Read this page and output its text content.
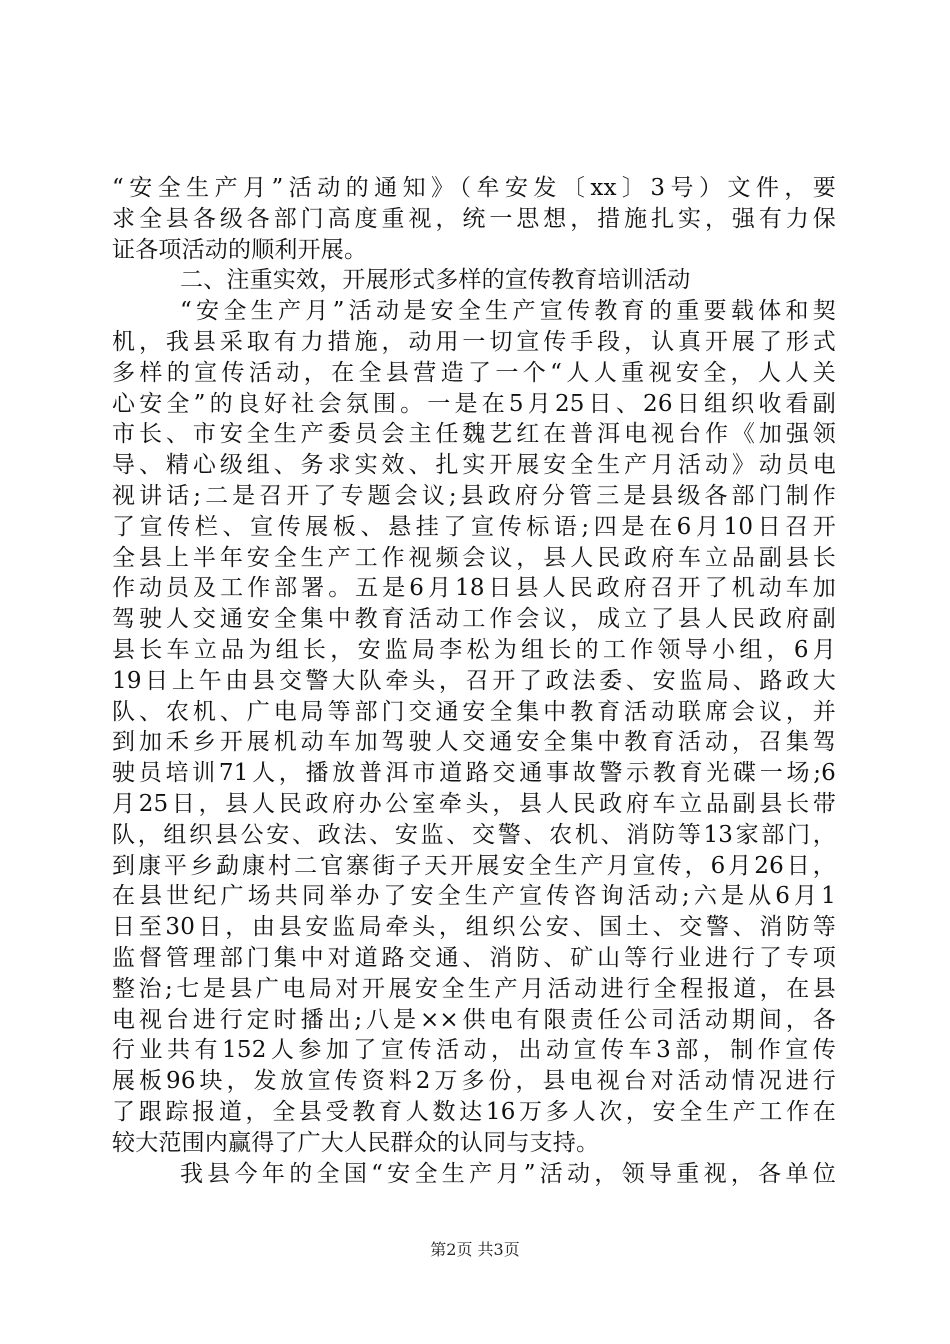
“安全生产月”活动的通知》（牟安发〔xx〕3号）文件，要
求全县各级各部门高度重视，统一思想，措施扎实，强有力保
证各项活动的顺利开展。
二、注重实效，开展形式多样的宣传教育培训活动
“安全生产月”活动是安全生产宣传教育的重要载体和契
机，我县采取有力措施，动用一切宣传手段，认真开展了形式
多样的宣传活动，在全县营造了一个“人人重视安全，人人关
心安全”的良好社会氛围。一是在5月25日、26日组织收看副
市长、市安全生产委员会主任魏艺红在普洱电视台作《加强领
导、精心级组、务求实效、扎实开展安全生产月活动》动员电
视讲话;二是召开了专题会议;县政府分管三是县级各部门制作
了宣传栏、宣传展板、悬挂了宣传标语;四是在6月10日召开
全县上半年安全生产工作视频会议，县人民政府车立品副县长
作动员及工作部署。五是6月18日县人民政府召开了机动车加
驾驶人交通安全集中教育活动工作会议，成立了县人民政府副
县长车立品为组长，安监局李松为组长的工作领导小组，6月
19日上午由县交警大队牵头，召开了政法委、安监局、路政大
队、农机、广电局等部门交通安全集中教育活动联席会议，并
到加禾乡开展机动车加驾驶人交通安全集中教育活动，召集驾
驶员培训71人，播放普洱市道路交通事故警示教育光碟一场;6
月25日，县人民政府办公室牵头，县人民政府车立品副县长带
队，组织县公安、政法、安监、交警、农机、消防等13家部门，
到康平乡勐康村二官寨街子天开展安全生产月宣传，6月26日，
在县世纪广场共同举办了安全生产宣传咨询活动;六是从6月1
日至30日，由县安监局牵头，组织公安、国土、交警、消防等
监督管理部门集中对道路交通、消防、矿山等行业进行了专项
整治;七是县广电局对开展安全生产月活动进行全程报道，在县
电视台进行定时播出;八是××供电有限责任公司活动期间，各
行业共有152人参加了宣传活动，出动宣传车3部，制作宣传
展板96块，发放宣传资料2万多份，县电视台对活动情况进行
了跟踪报道，全县受教育人数达16万多人次，安全生产工作在
较大范围内赢得了广大人民群众的认同与支持。
我县今年的全国“安全生产月”活动，领导重视，各单位
第2页 共3页
